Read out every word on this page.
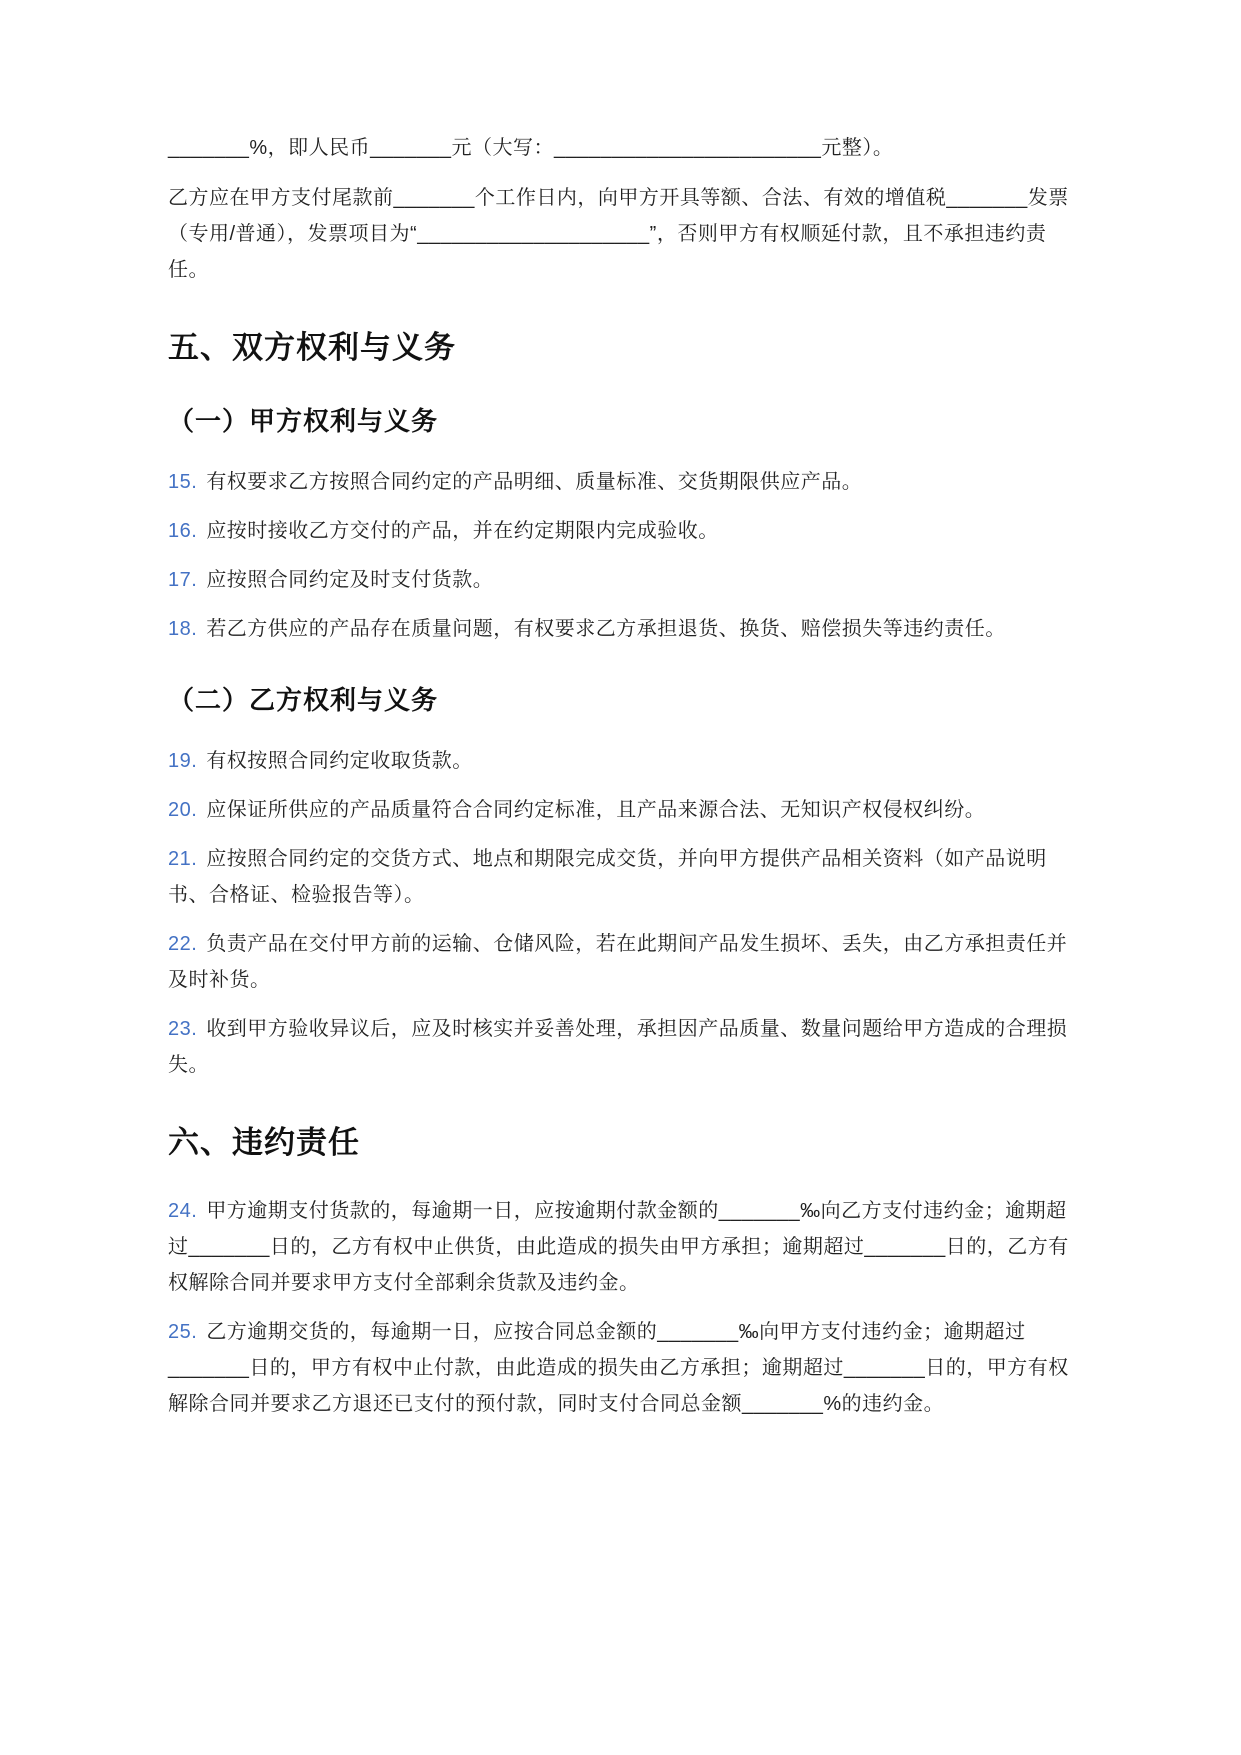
_______%，即人民币_______元（大写：_______________________元整）。

乙方应在甲方支付尾款前_______个工作日内，向甲方开具等额、合法、有效的增值税_______发票（专用/普通），发票项目为“____________________”，否则甲方有权顺延付款，且不承担违约责任。

五、双方权利与义务
（一）甲方权利与义务

15. 有权要求乙方按照合同约定的产品明细、质量标准、交货期限供应产品。

16. 应按时接收乙方交付的产品，并在约定期限内完成验收。

17. 应按照合同约定及时支付货款。

18. 若乙方供应的产品存在质量问题，有权要求乙方承担退货、换货、赔偿损失等违约责任。

（二）乙方权利与义务

19. 有权按照合同约定收取货款。

20. 应保证所供应的产品质量符合合同约定标准，且产品来源合法、无知识产权侵权纠纷。

21. 应按照合同约定的交货方式、地点和期限完成交货，并向甲方提供产品相关资料（如产品说明书、合格证、检验报告等）。

22. 负责产品在交付甲方前的运输、仓储风险，若在此期间产品发生损坏、丢失，由乙方承担责任并及时补货。

23. 收到甲方验收异议后，应及时核实并妥善处理，承担因产品质量、数量问题给甲方造成的合理损失。

六、违约责任

24. 甲方逾期支付货款的，每逾期一日，应按逾期付款金额的_______‰向乙方支付违约金；逾期超过_______日的，乙方有权中止供货，由此造成的损失由甲方承担；逾期超过_______日的，乙方有权解除合同并要求甲方支付全部剩余货款及违约金。

25. 乙方逾期交货的，每逾期一日，应按合同总金额的_______‰向甲方支付违约金；逾期超过_______日的，甲方有权中止付款，由此造成的损失由乙方承担；逾期超过_______日的，甲方有权解除合同并要求乙方退还已支付的预付款，同时支付合同总金额_______%的违约金。
